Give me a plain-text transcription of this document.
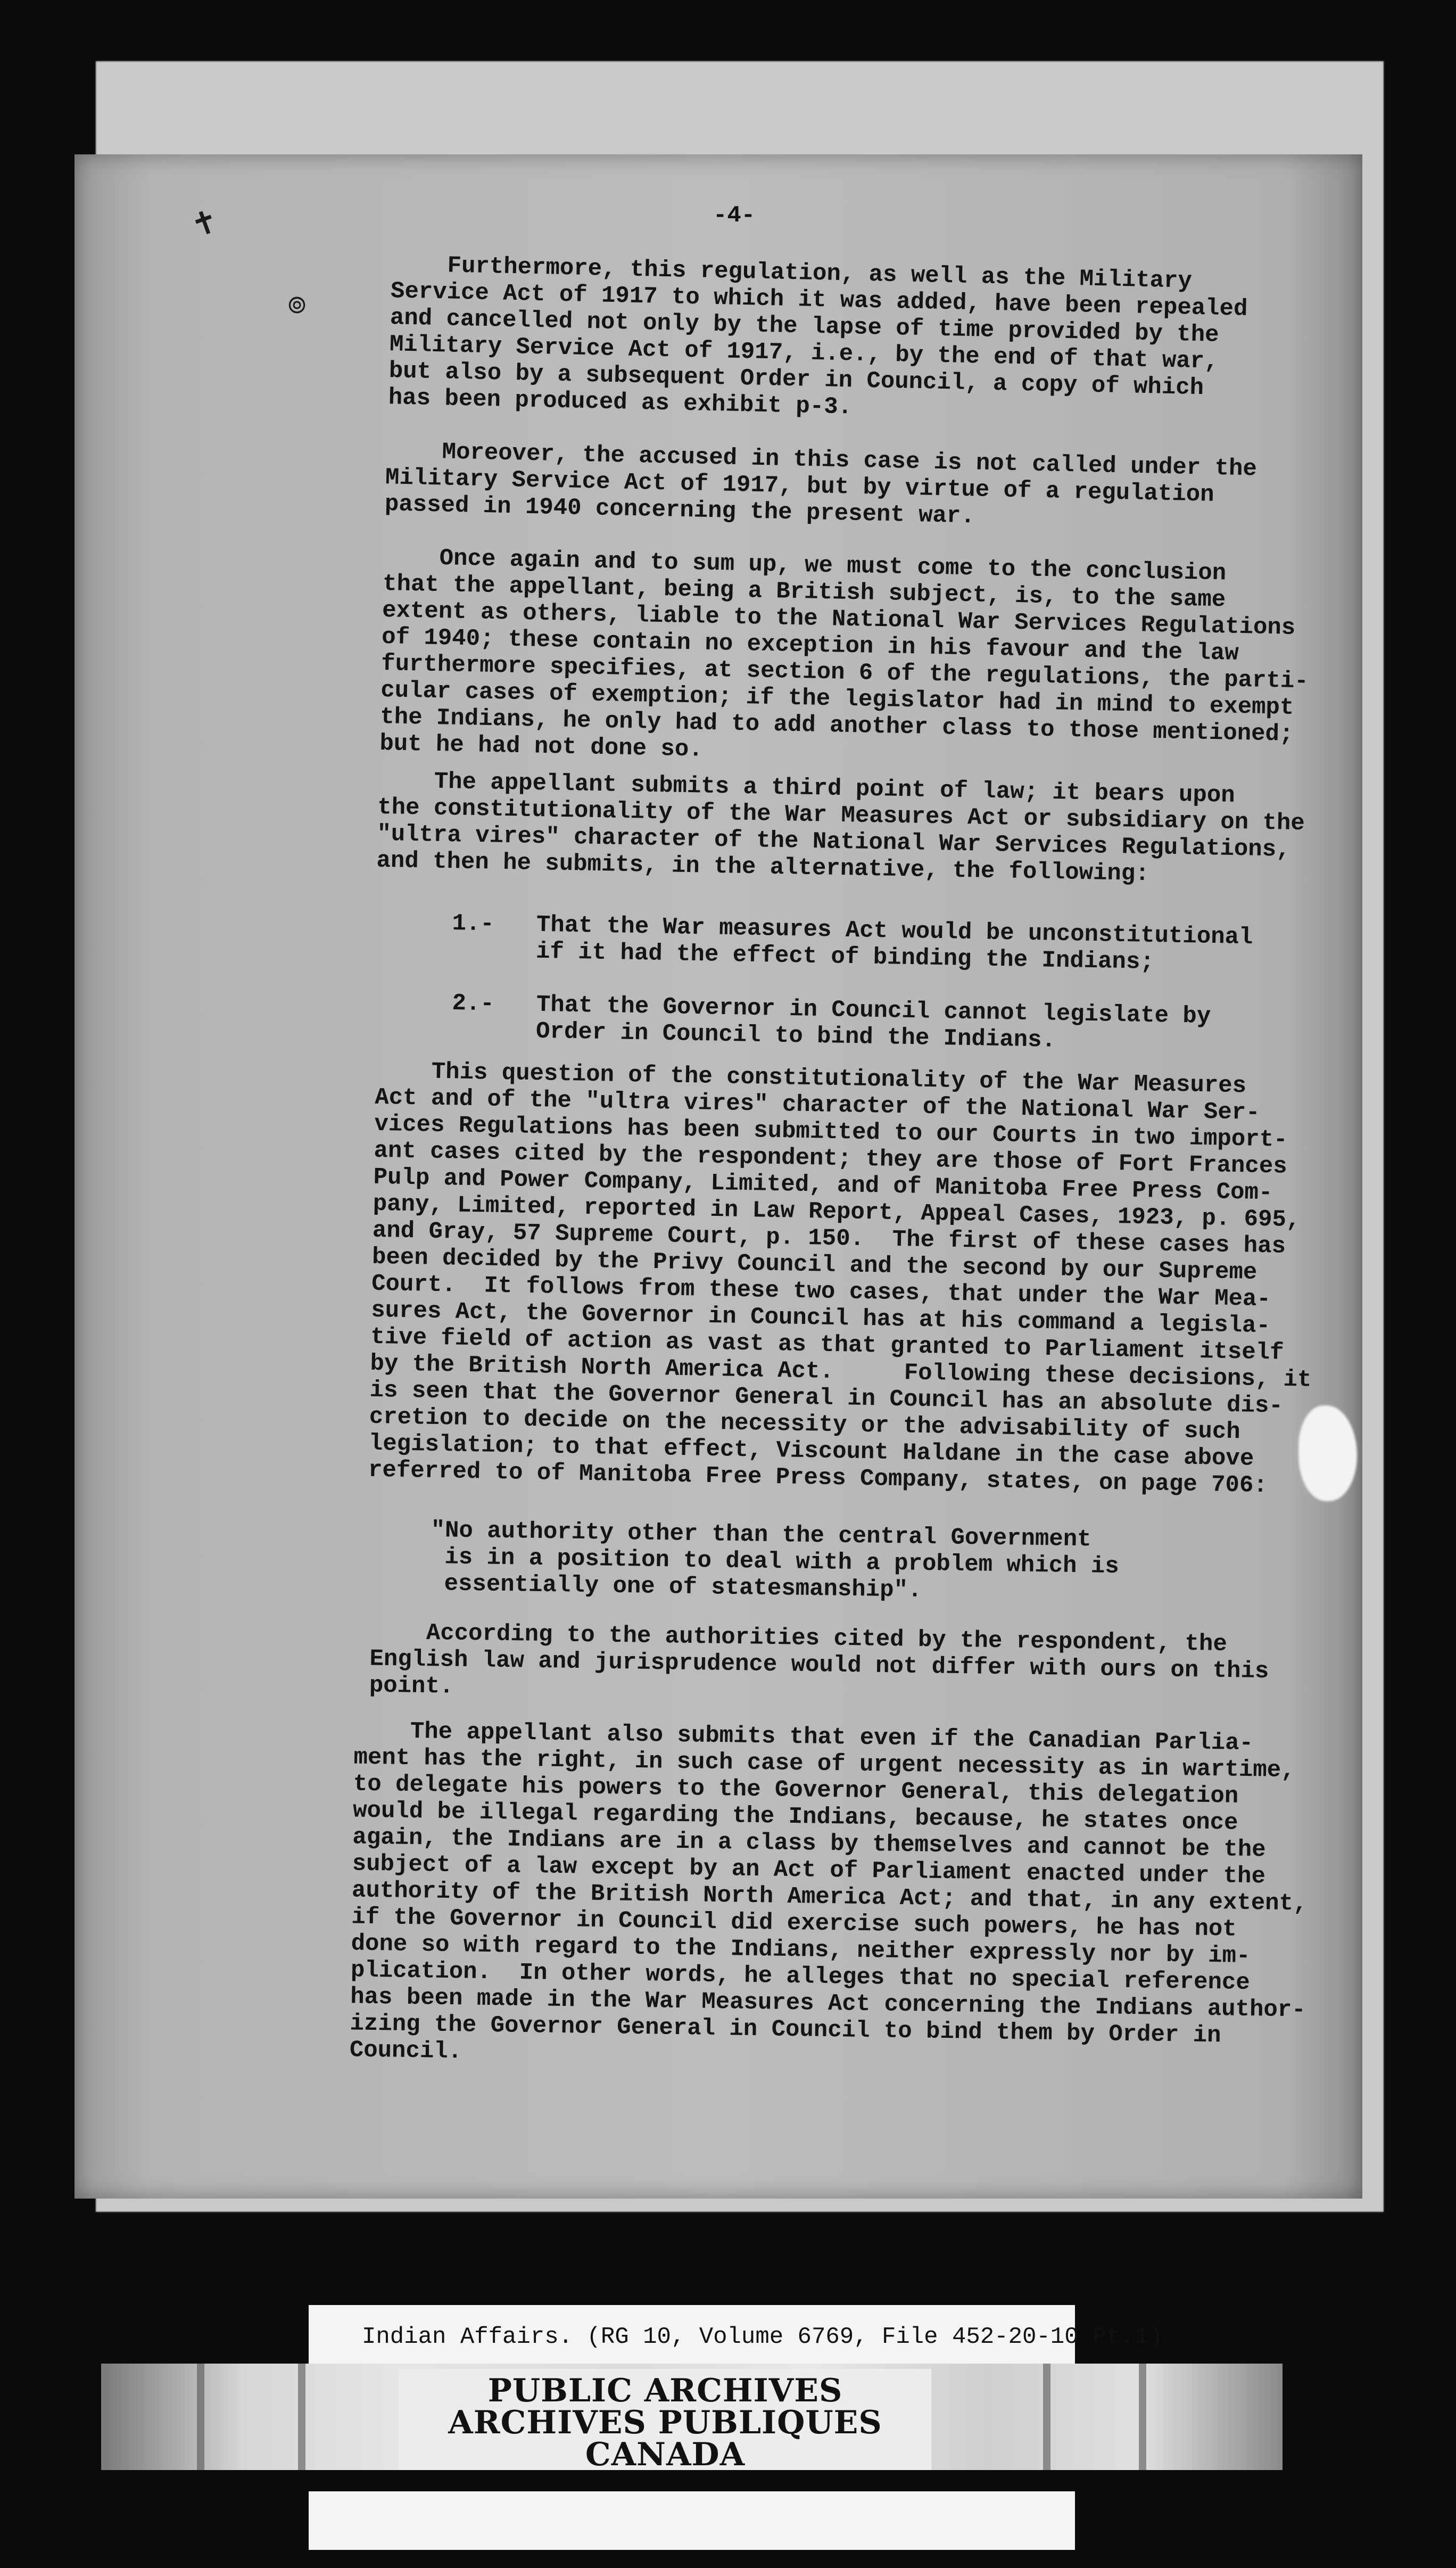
-4-
✝
๏
Furthermore, this regulation, as well as the Military
Service Act of 1917 to which it was added, have been repealed
and cancelled not only by the lapse of time provided by the
Military Service Act of 1917, i.e., by the end of that war,
but also by a subsequent Order in Council, a copy of which
has been produced as exhibit p-3.
Moreover, the accused in this case is not called under the
Military Service Act of 1917, but by virtue of a regulation
passed in 1940 concerning the present war.
Once again and to sum up, we must come to the conclusion
that the appellant, being a British subject, is, to the same
extent as others, liable to the National War Services Regulations
of 1940; these contain no exception in his favour and the law
furthermore specifies, at section 6 of the regulations, the parti-
cular cases of exemption; if the legislator had in mind to exempt
the Indians, he only had to add another class to those mentioned;
but he had not done so.
The appellant submits a third point of law; it bears upon
the constitutionality of the War Measures Act or subsidiary on the
"ultra vires" character of the National War Services Regulations,
and then he submits, in the alternative, the following:
1.-   That the War measures Act would be unconstitutional
if it had the effect of binding the Indians;
2.-   That the Governor in Council cannot legislate by
Order in Council to bind the Indians.
This question of the constitutionality of the War Measures
Act and of the "ultra vires" character of the National War Ser-
vices Regulations has been submitted to our Courts in two import-
ant cases cited by the respondent; they are those of Fort Frances
Pulp and Power Company, Limited, and of Manitoba Free Press Com-
pany, Limited, reported in Law Report, Appeal Cases, 1923, p. 695,
and Gray, 57 Supreme Court, p. 150.  The first of these cases has
been decided by the Privy Council and the second by our Supreme
Court.  It follows from these two cases, that under the War Mea-
sures Act, the Governor in Council has at his command a legisla-
tive field of action as vast as that granted to Parliament itself
by the British North America Act.     Following these decisions, it
is seen that the Governor General in Council has an absolute dis-
cretion to decide on the necessity or the advisability of such
legislation; to that effect, Viscount Haldane in the case above
referred to of Manitoba Free Press Company, states, on page 706:
"No authority other than the central Government
is in a position to deal with a problem which is
essentially one of statesmanship".
According to the authorities cited by the respondent, the
English law and jurisprudence would not differ with ours on this
point.
The appellant also submits that even if the Canadian Parlia-
ment has the right, in such case of urgent necessity as in wartime,
to delegate his powers to the Governor General, this delegation
would be illegal regarding the Indians, because, he states once
again, the Indians are in a class by themselves and cannot be the
subject of a law except by an Act of Parliament enacted under the
authority of the British North America Act; and that, in any extent,
if the Governor in Council did exercise such powers, he has not
done so with regard to the Indians, neither expressly nor by im-
plication.  In other words, he alleges that no special reference
has been made in the War Measures Act concerning the Indians author-
izing the Governor General in Council to bind them by Order in
Council.
Indian Affairs. (RG 10, Volume 6769, File 452-20-10 Pt.1)
PUBLIC ARCHIVES
ARCHIVES PUBLIQUES
CANADA
